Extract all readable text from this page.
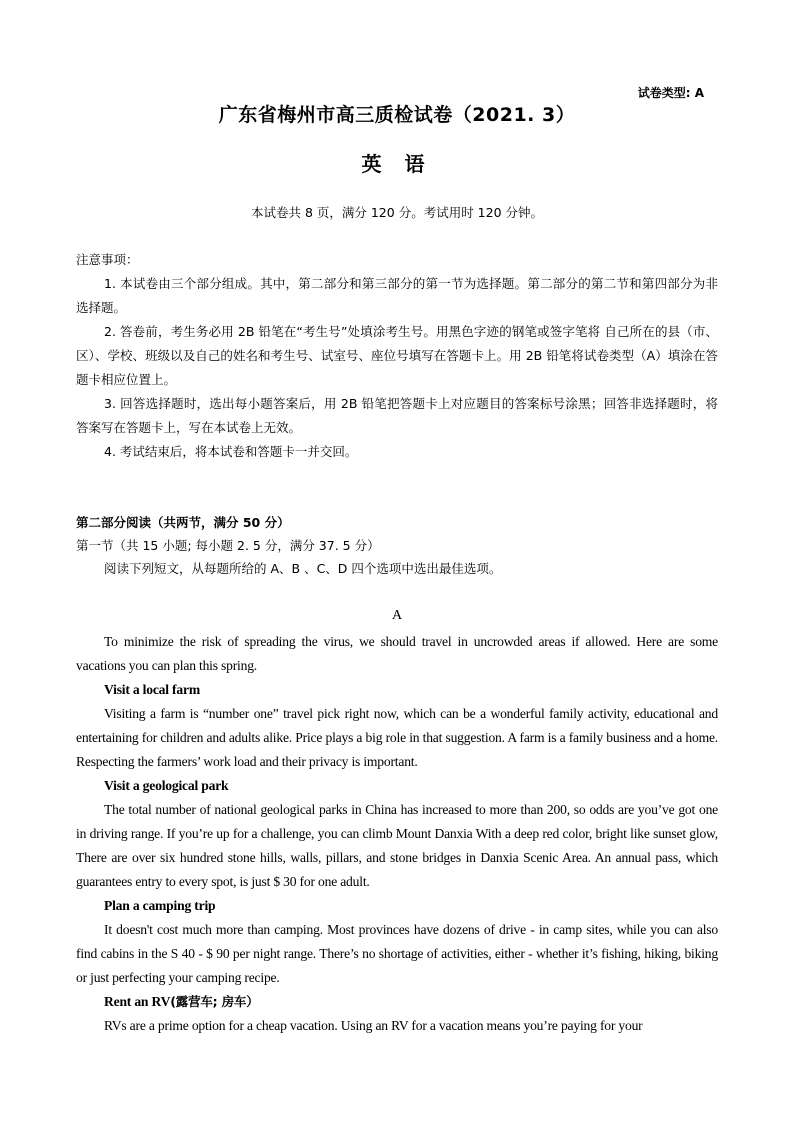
试卷类型: A
广东省梅州市高三质检试卷（2021. 3）
英 语
本试卷共 8 页，满分 120 分。考试用时 120 分钟。
注意事项：

1. 本试卷由三个部分组成。其中，第二部分和第三部分的第一节为选择题。第二部分的第二节和第四部分为非选择题。

2. 答卷前，考生务必用 2B 铅笔在“考生号”处填涂考生号。用黑色字迹的钢笔或签字笔将 自己所在的县（市、区）、学校、班级以及自己的姓名和考生号、试室号、座位号填写在答题卡上。用 2B 铅笔将试卷类型（A）填涂在答题卡相应位置上。

3. 回答选择题时，选出每小题答案后，用 2B 铅笔把答题卡上对应题目的答案标号涂黑；回答非选择题时，将答案写在答题卡上，写在本试卷上无效。

4. 考试结束后，将本试卷和答题卡一并交回。

第二部分阅读（共两节，满分 50 分）
第一节（共 15 小题; 每小题 2. 5 分，满分 37. 5 分）
阅读下列短文，从每题所给的 A、B 、C、D 四个选项中选出最佳选项。
A

To minimize the risk of spreading the virus, we should travel in uncrowded areas if allowed. Here are some vacations you can plan this spring.

Visit a local farm

Visiting a farm is “number one” travel pick right now, which can be a wonderful family activity, educational and entertaining for children and adults alike. Price plays a big role in that suggestion. A farm is a family business and a home. Respecting the farmers’ work load and their privacy is important.

Visit a geological park

The total number of national geological parks in China has increased to more than 200, so odds are you’ve got one in driving range. If you’re up for a challenge, you can climb Mount Danxia With a deep red color, bright like sunset glow, There are over six hundred stone hills, walls, pillars, and stone bridges in Danxia Scenic Area. An annual pass, which guarantees entry to every spot, is just $ 30 for one adult.

Plan a camping trip

It doesn't cost much more than camping. Most provinces have dozens of drive - in camp sites, while you can also find cabins in the S 40 - $ 90 per night range. There’s no shortage of activities, either - whether it’s fishing, hiking, biking or just perfecting your camping recipe.

Rent an RV(露营车; 房车）

RVs are a prime option for a cheap vacation. Using an RV for a vacation means you’re paying for your
